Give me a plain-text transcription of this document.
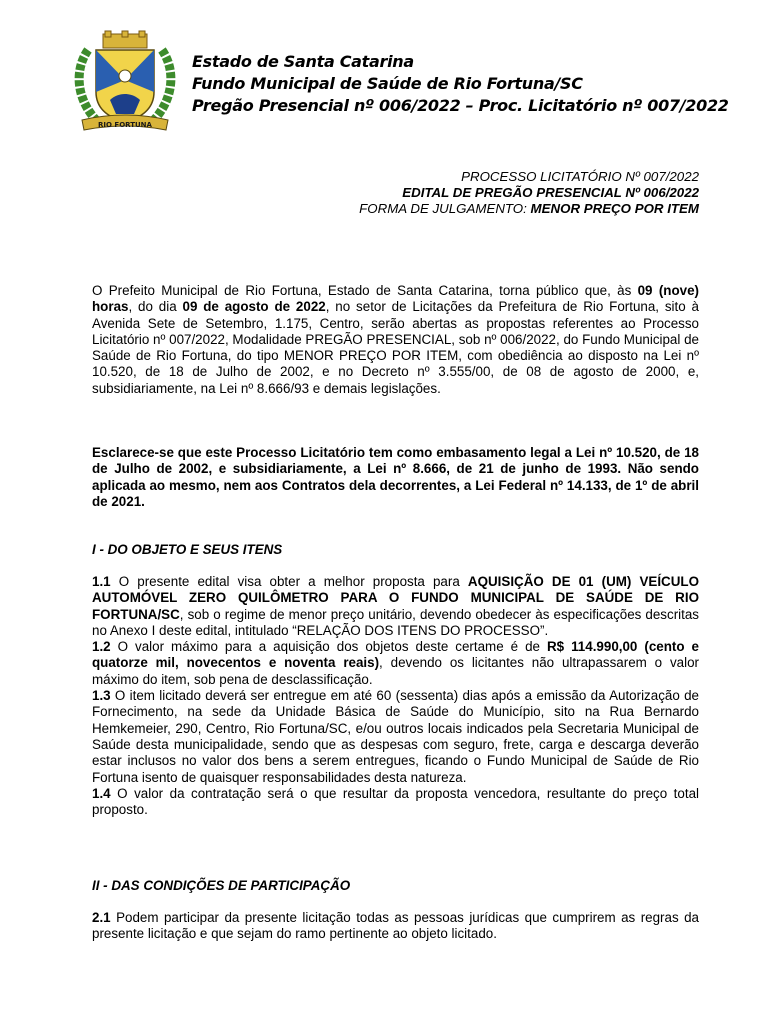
RIO FORTUNA
Estado de Santa Catarina
Fundo Municipal de Saúde de Rio Fortuna/SC
Pregão Presencial nº 006/2022 – Proc. Licitatório nº 007/2022
PROCESSO LICITATÓRIO Nº 007/2022
EDITAL DE PREGÃO PRESENCIAL Nº 006/2022
FORMA DE JULGAMENTO: MENOR PREÇO POR ITEM
O Prefeito Municipal de Rio Fortuna, Estado de Santa Catarina, torna público que, às 09 (nove) horas, do dia 09 de agosto de 2022, no setor de Licitações da Prefeitura de Rio Fortuna, sito à Avenida Sete de Setembro, 1.175, Centro, serão abertas as propostas referentes ao Processo Licitatório nº 007/2022, Modalidade PREGÃO PRESENCIAL, sob nº 006/2022, do Fundo Municipal de Saúde de Rio Fortuna, do tipo MENOR PREÇO POR ITEM, com obediência ao disposto na Lei nº 10.520, de 18 de Julho de 2002, e no Decreto nº 3.555/00, de 08 de agosto de 2000, e, subsidiariamente, na Lei nº 8.666/93 e demais legislações.
Esclarece-se que este Processo Licitatório tem como embasamento legal a Lei nº 10.520, de 18 de Julho de 2002, e subsidiariamente, a Lei nº 8.666, de 21 de junho de 1993. Não sendo aplicada ao mesmo, nem aos Contratos dela decorrentes, a Lei Federal nº 14.133, de 1º de abril de 2021.
I - DO OBJETO E SEUS ITENS

1.1 O presente edital visa obter a melhor proposta para AQUISIÇÃO DE 01 (UM) VEÍCULO AUTOMÓVEL ZERO QUILÔMETRO PARA O FUNDO MUNICIPAL DE SAÚDE DE RIO FORTUNA/SC, sob o regime de menor preço unitário, devendo obedecer às especificações descritas no Anexo I deste edital, intitulado “RELAÇÃO DOS ITENS DO PROCESSO”.

1.2 O valor máximo para a aquisição dos objetos deste certame é de R$ 114.990,00 (cento e quatorze mil, novecentos e noventa reais), devendo os licitantes não ultrapassarem o valor máximo do item, sob pena de desclassificação.

1.3 O item licitado deverá ser entregue em até 60 (sessenta) dias após a emissão da Autorização de Fornecimento, na sede da Unidade Básica de Saúde do Município, sito na Rua Bernardo Hemkemeier, 290, Centro, Rio Fortuna/SC, e/ou outros locais indicados pela Secretaria Municipal de Saúde desta municipalidade, sendo que as despesas com seguro, frete, carga e descarga deverão estar inclusos no valor dos bens a serem entregues, ficando o Fundo Municipal de Saúde de Rio Fortuna isento de quaisquer responsabilidades desta natureza.

1.4 O valor da contratação será o que resultar da proposta vencedora, resultante do preço total proposto.

II - DAS CONDIÇÕES DE PARTICIPAÇÃO
2.1 Podem participar da presente licitação todas as pessoas jurídicas que cumprirem as regras da presente licitação e que sejam do ramo pertinente ao objeto licitado.
